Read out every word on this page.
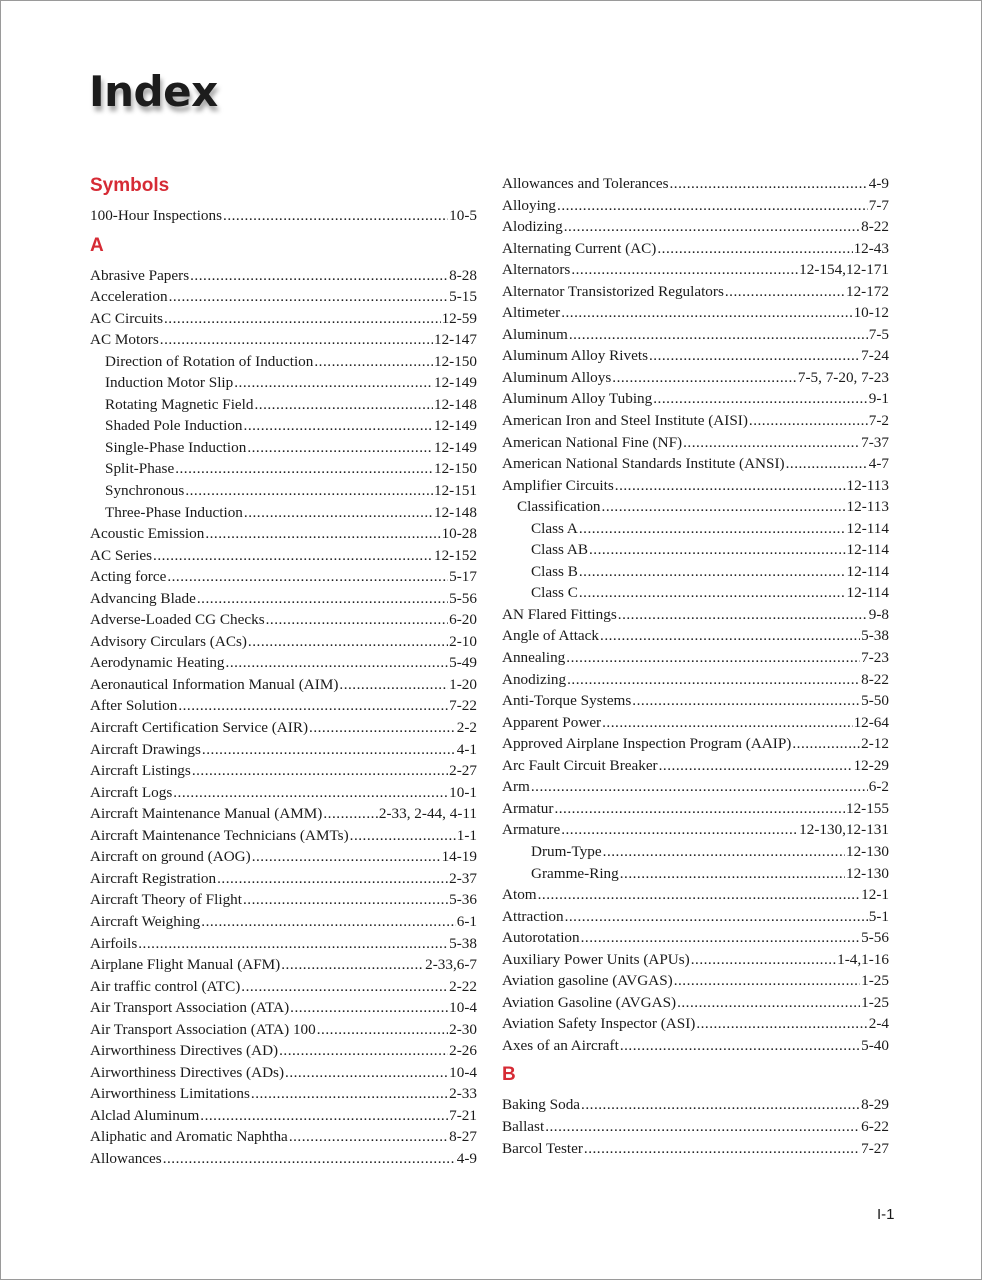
Index
Symbols
100-Hour Inspections .....	10-5
A
Abrasive Papers .....	8-28
Acceleration .....	5-15
AC Circuits .....	12-59
AC Motors .....	12-147
Direction of Rotation of Induction .....	12-150
Induction Motor Slip .....	12-149
Rotating Magnetic Field .....	12-148
Shaded Pole Induction .....	12-149
Single-Phase Induction .....	12-149
Split-Phase .....	12-150
Synchronous .....	12-151
Three-Phase Induction .....	12-148
Acoustic Emission .....	10-28
AC Series .....	12-152
Acting force .....	5-17
Advancing Blade .....	5-56
Adverse-Loaded CG Checks .....	6-20
Advisory Circulars (ACs) .....	2-10
Aerodynamic Heating .....	5-49
Aeronautical Information Manual (AIM) .....	1-20
After Solution .....	7-22
Aircraft Certification Service (AIR) .....	2-2
Aircraft Drawings .....	4-1
Aircraft Listings .....	2-27
Aircraft Logs .....	10-1
Aircraft Maintenance Manual (AMM) .....	2-33, 2-44, 4-11
Aircraft Maintenance Technicians (AMTs) .....	1-1
Aircraft on ground (AOG) .....	14-19
Aircraft Registration .....	2-37
Aircraft Theory of Flight .....	5-36
Aircraft Weighing .....	6-1
Airfoils .....	5-38
Airplane Flight Manual (AFM) .....	2-33,6-7
Air traffic control (ATC) .....	2-22
Air Transport Association (ATA) .....	10-4
Air Transport Association (ATA) 100 .....	2-30
Airworthiness Directives (AD) .....	2-26
Airworthiness Directives (ADs) .....	10-4
Airworthiness Limitations .....	2-33
Alclad Aluminum .....	7-21
Aliphatic and Aromatic Naphtha .....	8-27
Allowances .....	4-9
Allowances and Tolerances .....	4-9
Alloying .....	7-7
Alodizing .....	8-22
Alternating Current (AC) .....	12-43
Alternators .....	12-154,12-171
Alternator Transistorized Regulators .....	12-172
Altimeter .....	10-12
Aluminum .....	7-5
Aluminum Alloy Rivets .....	7-24
Aluminum Alloys .....	7-5, 7-20, 7-23
Aluminum Alloy Tubing .....	9-1
American Iron and Steel Institute (AISI) .....	7-2
American National Fine (NF) .....	7-37
American National Standards Institute (ANSI) .....	4-7
Amplifier Circuits .....	12-113
Classification .....	12-113
Class A .....	12-114
Class AB .....	12-114
Class B .....	12-114
Class C .....	12-114
AN Flared Fittings .....	9-8
Angle of Attack .....	5-38
Annealing .....	7-23
Anodizing .....	8-22
Anti-Torque Systems .....	5-50
Apparent Power .....	12-64
Approved Airplane Inspection Program (AAIP) .....	2-12
Arc Fault Circuit Breaker .....	12-29
Arm .....	6-2
Armatur .....	12-155
Armature .....	12-130,12-131
Drum-Type .....	12-130
Gramme-Ring .....	12-130
Atom .....	12-1
Attraction .....	5-1
Autorotation .....	5-56
Auxiliary Power Units (APUs) .....	1-4,1-16
Aviation gasoline (AVGAS) .....	1-25
Aviation Gasoline (AVGAS) .....	1-25
Aviation Safety Inspector (ASI) .....	2-4
Axes of an Aircraft .....	5-40
B
Baking Soda .....	8-29
Ballast .....	6-22
Barcol Tester .....	7-27
I-1
